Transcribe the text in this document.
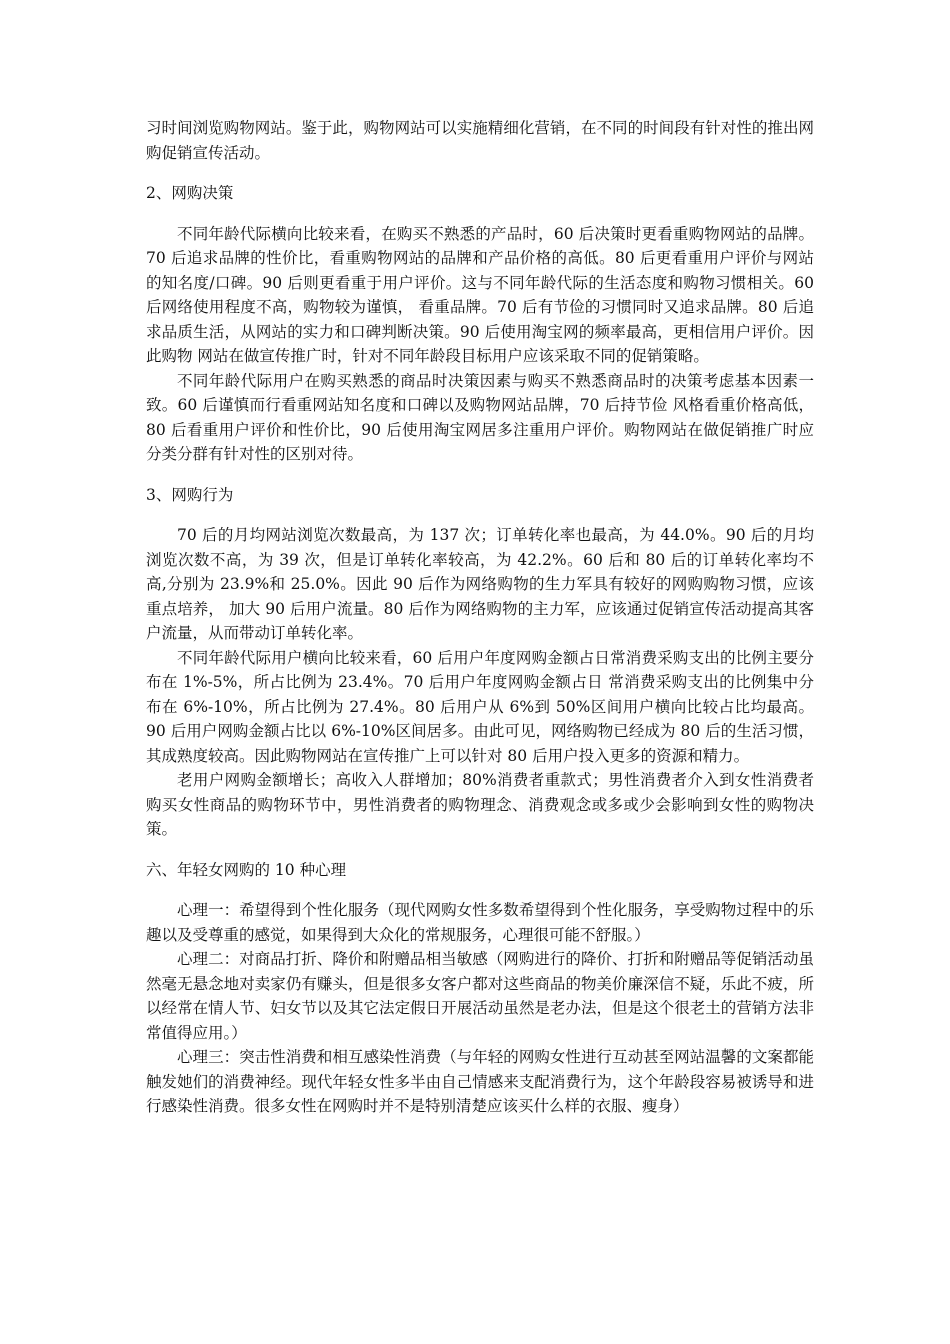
习时间浏览购物网站。鉴于此，购物网站可以实施精细化营销，在不同的时间段有针对性的推出网购促销宣传活动。

2、网购决策

不同年龄代际横向比较来看，在购买不熟悉的产品时，60 后决策时更看重购物网站的品牌。70 后追求品牌的性价比，看重购物网站的品牌和产品价格的高低。80 后更看重用户评价与网站的知名度/口碑。90 后则更看重于用户评价。这与不同年龄代际的生活态度和购物习惯相关。60 后网络使用程度不高，购物较为谨慎， 看重品牌。70 后有节俭的习惯同时又追求品牌。80 后追求品质生活，从网站的实力和口碑判断决策。90 后使用淘宝网的频率最高，更相信用户评价。因此购物 网站在做宣传推广时，针对不同年龄段目标用户应该采取不同的促销策略。

不同年龄代际用户在购买熟悉的商品时决策因素与购买不熟悉商品时的决策考虑基本因素一致。60 后谨慎而行看重网站知名度和口碑以及购物网站品牌，70 后持节俭 风格看重价格高低，80 后看重用户评价和性价比，90 后使用淘宝网居多注重用户评价。购物网站在做促销推广时应分类分群有针对性的区别对待。

3、网购行为

70 后的月均网站浏览次数最高，为 137 次；订单转化率也最高，为 44.0%。90 后的月均浏览次数不高，为 39 次，但是订单转化率较高，为 42.2%。60 后和 80 后的订单转化率均不高,分别为 23.9%和 25.0%。因此 90 后作为网络购物的生力军具有较好的网购购物习惯，应该重点培养， 加大 90 后用户流量。80 后作为网络购物的主力军，应该通过促销宣传活动提高其客户流量，从而带动订单转化率。

不同年龄代际用户横向比较来看，60 后用户年度网购金额占日常消费采购支出的比例主要分布在 1%-5%，所占比例为 23.4%。70 后用户年度网购金额占日 常消费采购支出的比例集中分布在 6%-10%，所占比例为 27.4%。80 后用户从 6%到 50%区间用户横向比较占比均最高。90 后用户网购金额占比以 6%-10%区间居多。由此可见，网络购物已经成为 80 后的生活习惯，其成熟度较高。因此购物网站在宣传推广上可以针对 80 后用户投入更多的资源和精力。

老用户网购金额增长；高收入人群增加；80%消费者重款式；男性消费者介入到女性消费者购买女性商品的购物环节中，男性消费者的购物理念、消费观念或多或少会影响到女性的购物决策。

六、年轻女网购的 10 种心理

心理一：希望得到个性化服务（现代网购女性多数希望得到个性化服务，享受购物过程中的乐趣以及受尊重的感觉，如果得到大众化的常规服务，心理很可能不舒服。）

心理二：对商品打折、降价和附赠品相当敏感（网购进行的降价、打折和附赠品等促销活动虽然毫无悬念地对卖家仍有赚头，但是很多女客户都对这些商品的物美价廉深信不疑，乐此不疲，所以经常在情人节、妇女节以及其它法定假日开展活动虽然是老办法，但是这个很老土的营销方法非常值得应用。）

心理三：突击性消费和相互感染性消费（与年轻的网购女性进行互动甚至网站温馨的文案都能触发她们的消费神经。现代年轻女性多半由自己情感来支配消费行为，这个年龄段容易被诱导和进行感染性消费。很多女性在网购时并不是特别清楚应该买什么样的衣服、瘦身）
